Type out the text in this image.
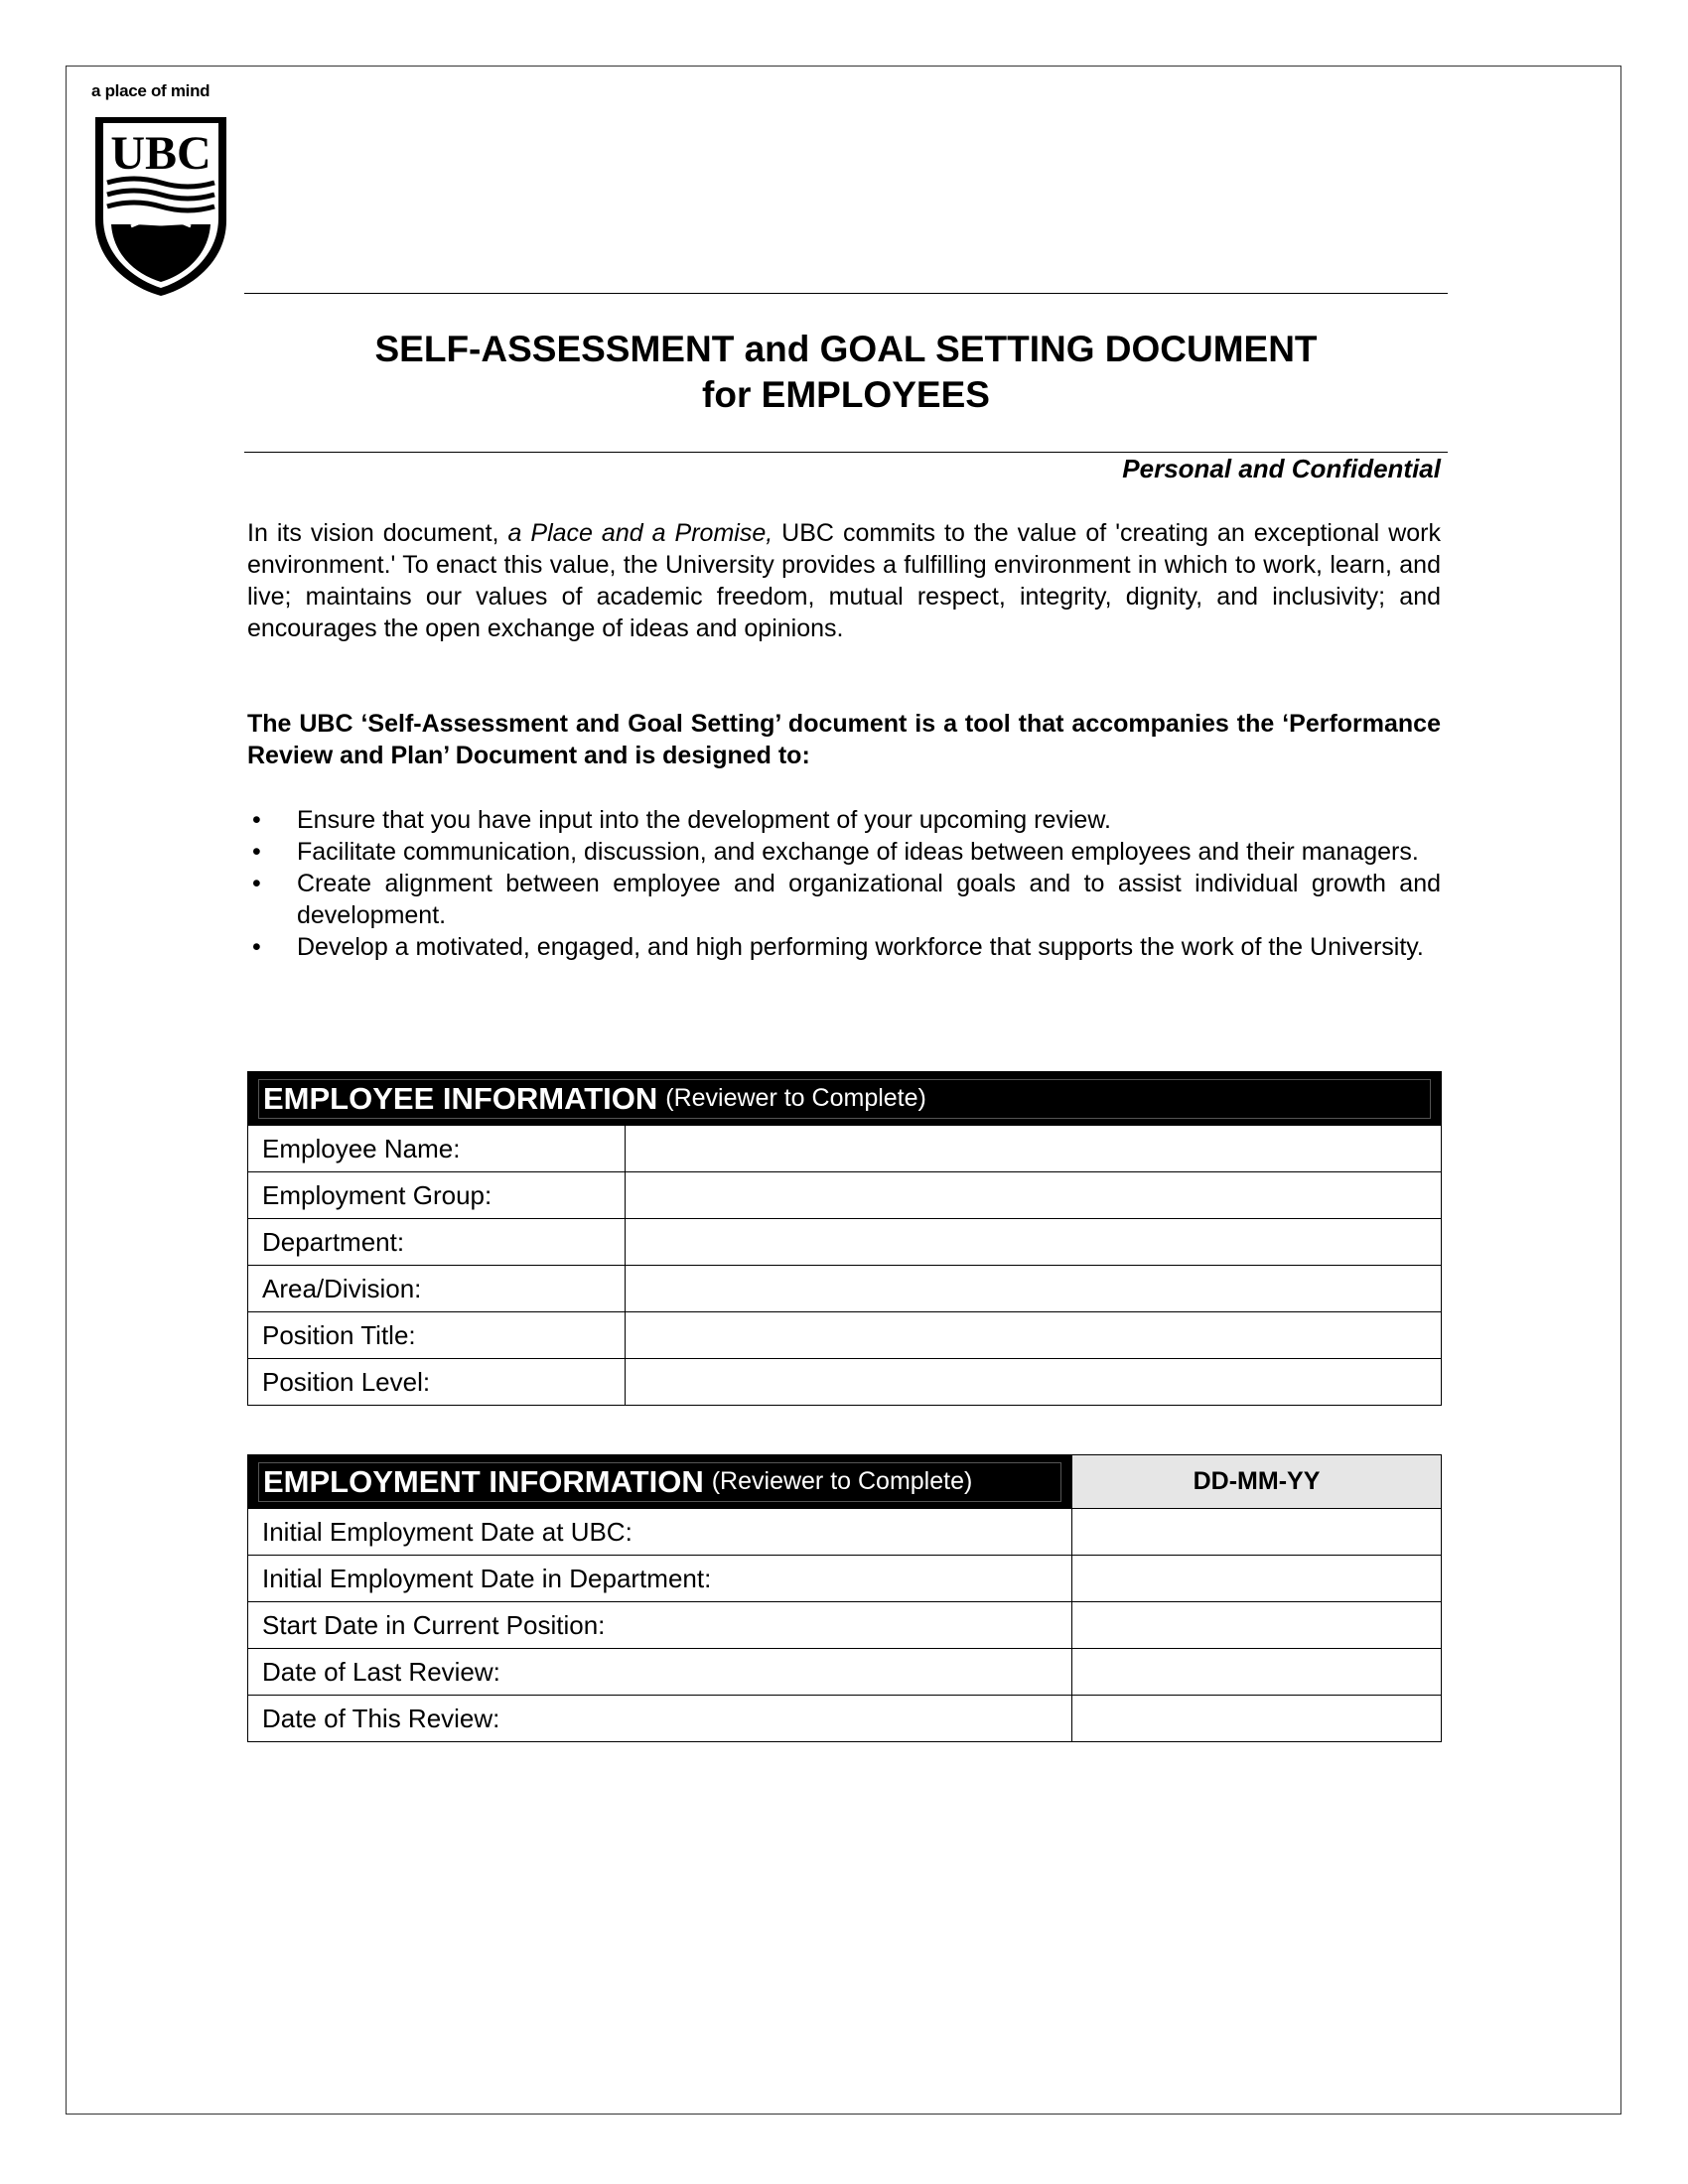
a place of mind
UBC
SELF-ASSESSMENT and GOAL SETTING DOCUMENT
for EMPLOYEES
Personal and Confidential
In its vision document, a Place and a Promise, UBC commits to the value of 'creating an exceptional work environment.' To enact this value, the University provides a fulfilling environment in which to work, learn, and live; maintains our values of academic freedom, mutual respect, integrity, dignity, and inclusivity; and encourages the open exchange of ideas and opinions.
The UBC ‘Self-Assessment and Goal Setting’ document is a tool that accompanies the ‘Performance Review and Plan’ Document and is designed to:
• Ensure that you have input into the development of your upcoming review.
• Facilitate communication, discussion, and exchange of ideas between employees and their managers.
• Create alignment between employee and organizational goals and to assist individual growth and development.
• Develop a motivated, engaged, and high performing workforce that supports the work of the University.
EMPLOYEE INFORMATION (Reviewer to Complete)	

Employee Name:	
Employment Group:	
Department:	
Area/Division:	
Position Title:	
Position Level:	
EMPLOYMENT INFORMATION (Reviewer to Complete)	DD-MM-YY
Initial Employment Date at UBC:	
Initial Employment Date in Department:	
Start Date in Current Position:	
Date of Last Review:	
Date of This Review:	
